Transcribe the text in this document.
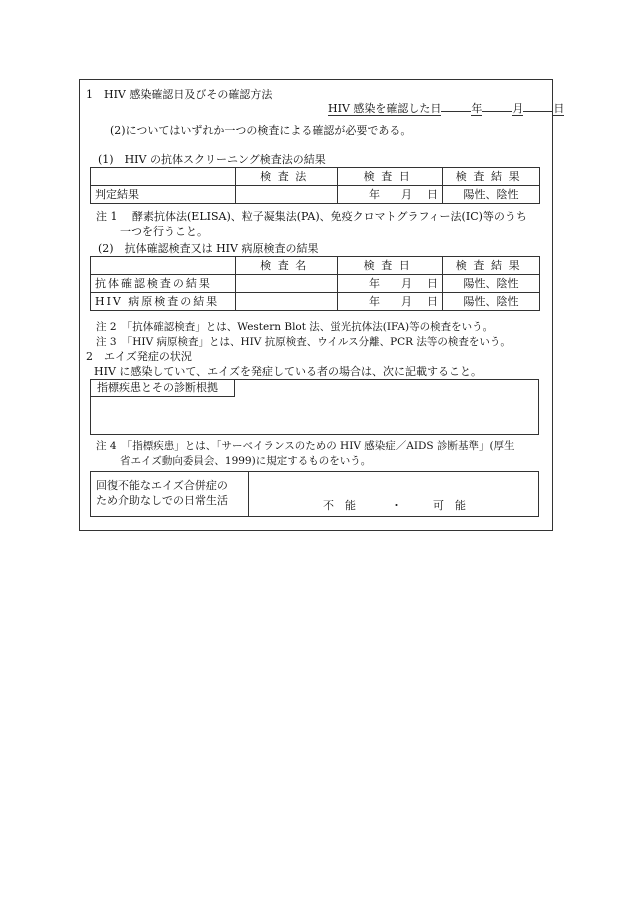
1　HIV 感染確認日及びその確認方法
HIV 感染を確認した日	年	月	日
(2)についてはいずれか一つの検査による確認が必要である。
(1)　HIV の抗体スクリーニング検査法の結果
	検査法	検査日	検査結果
判定結果		年 月 日	陽性、陰性
注 1　 酵素抗体法(ELISA)、粒子凝集法(PA)、免疫クロマトグラフィー法(IC)等のうち
一つを行うこと。
(2)　抗体確認検査又は HIV 病原検査の結果
	検査名	検査日	検査結果
抗体確認検査の結果		年 月 日	陽性、陰性
HIV 病原検査の結果		年 月 日	陽性、陰性
注 2　「抗体確認検査」とは、Western Blot 法、蛍光抗体法(IFA)等の検査をいう。
注 3　「HIV 病原検査」とは、HIV 抗原検査、ウイルス分離、PCR 法等の検査をいう。
2　エイズ発症の状況
HIV に感染していて、エイズを発症している者の場合は、次に記載すること。
指標疾患とその診断根拠
注 4　「指標疾患」とは、「サーベイランスのための HIV 感染症／AIDS 診断基準」(厚生
省エイズ動向委員会、1999)に規定するものをいう。
回復不能なエイズ合併症の
ため介助なしでの日常生活	不　能	・	可　能
